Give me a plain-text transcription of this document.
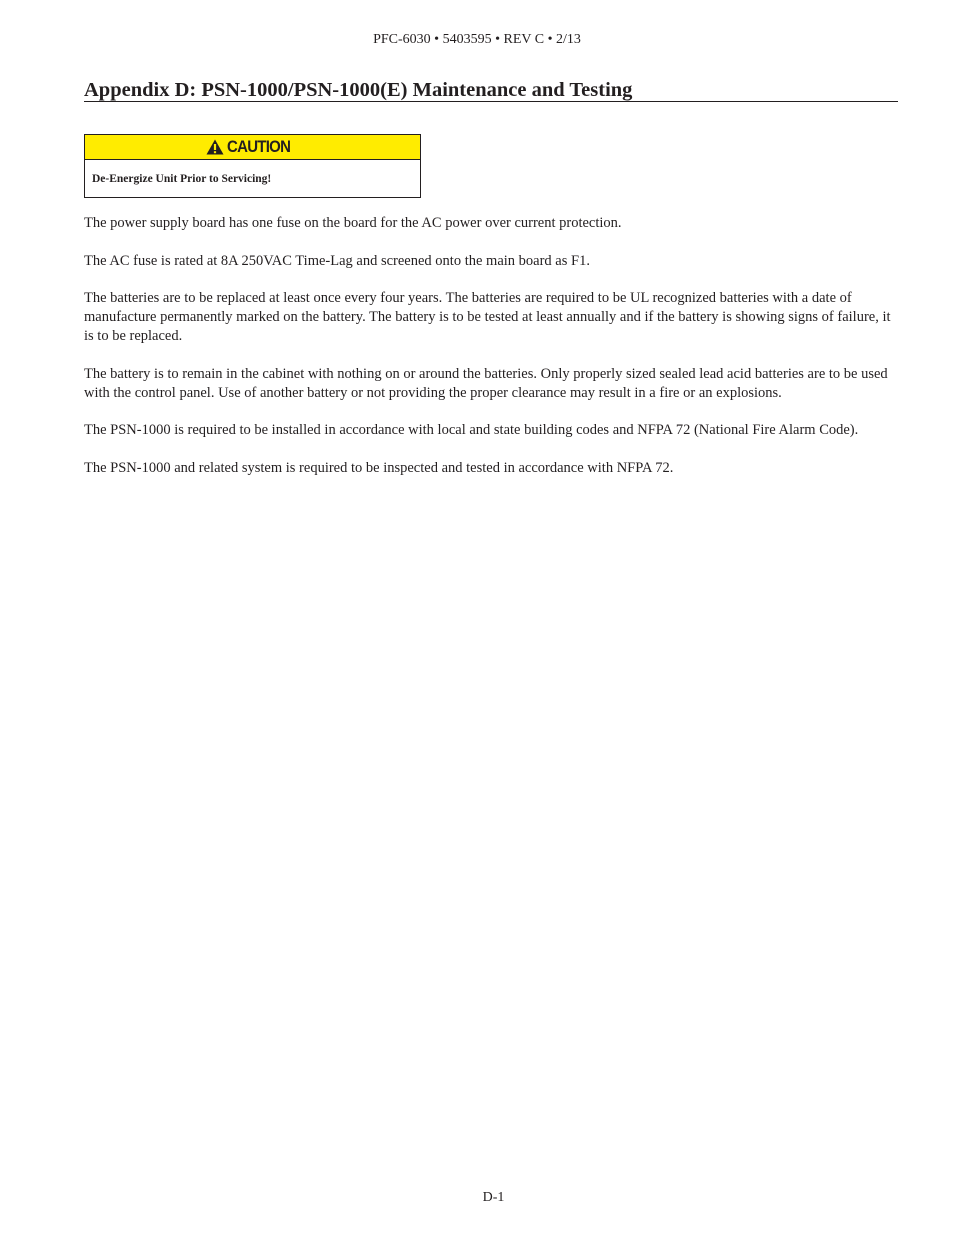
PFC-6030 • 5403595 • REV C • 2/13
Appendix D: PSN-1000/PSN-1000(E) Maintenance and Testing
CAUTION
De-Energize Unit Prior to Servicing!

The power supply board has one fuse on the board for the AC power over current protection.

The AC fuse is rated at 8A 250VAC Time-Lag and screened onto the main board as F1.

The batteries are to be replaced at least once every four years. The batteries are required to be UL recognized batteries with a date of manufacture permanently marked on the battery. The battery is to be tested at least annually and if the battery is showing signs of failure, it is to be replaced.

The battery is to remain in the cabinet with nothing on or around the batteries. Only properly sized sealed lead acid batteries are to be used with the control panel. Use of another battery or not providing the proper clearance may result in a fire or an explosions.

The PSN-1000 is required to be installed in accordance with local and state building codes and NFPA 72 (National Fire Alarm Code).

The PSN-1000 and related system is required to be inspected and tested in accordance with NFPA 72.

D-1
